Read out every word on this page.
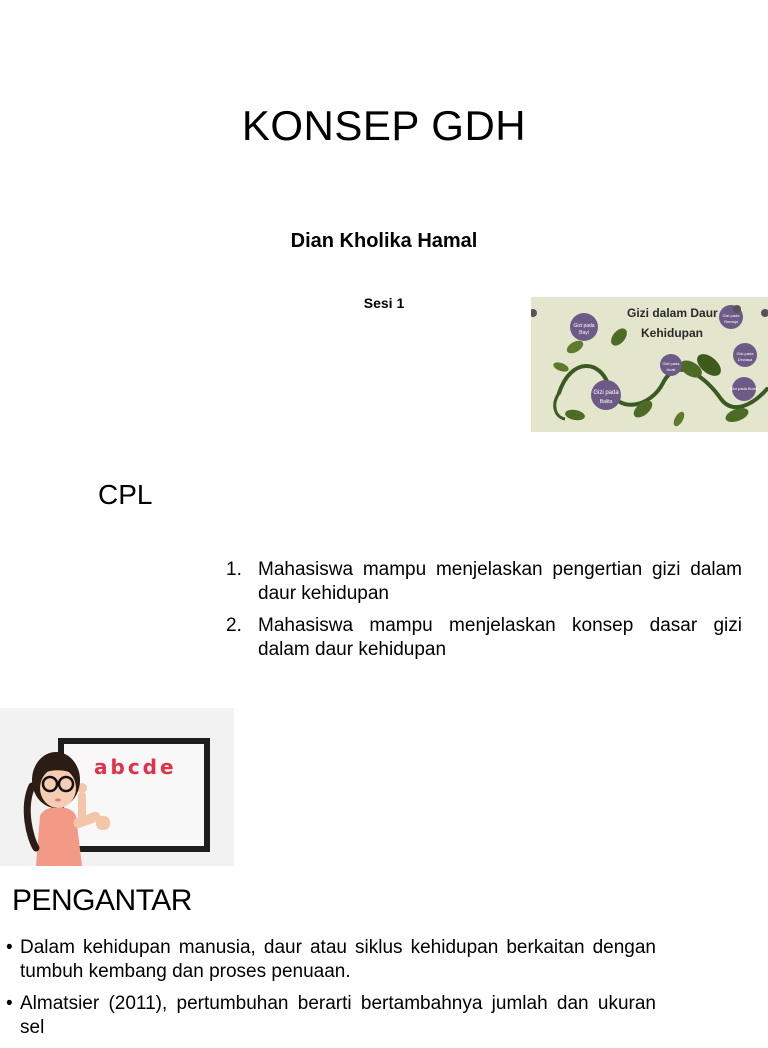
KONSEP GDH
Dian Kholika Hamal
Sesi 1
Gizi dalam Daur
Kehidupan
Gizi pada
Bayi
Gizi pada
Balita
Gizi pada
Anak
Gizi pada
Remaja
Gizi pada
Dewasa
Gizi pada Bumil
CPL
1. Mahasiswa mampu menjelaskan pengertian gizi dalam daur kehidupan
2. Mahasiswa mampu menjelaskan konsep dasar gizi dalam daur kehidupan
abcde
PENGANTAR
• Dalam kehidupan manusia, daur atau siklus kehidupan berkaitan dengan tumbuh kembang dan proses penuaan.
• Almatsier (2011), pertumbuhan berarti bertambahnya jumlah dan ukuran sel
